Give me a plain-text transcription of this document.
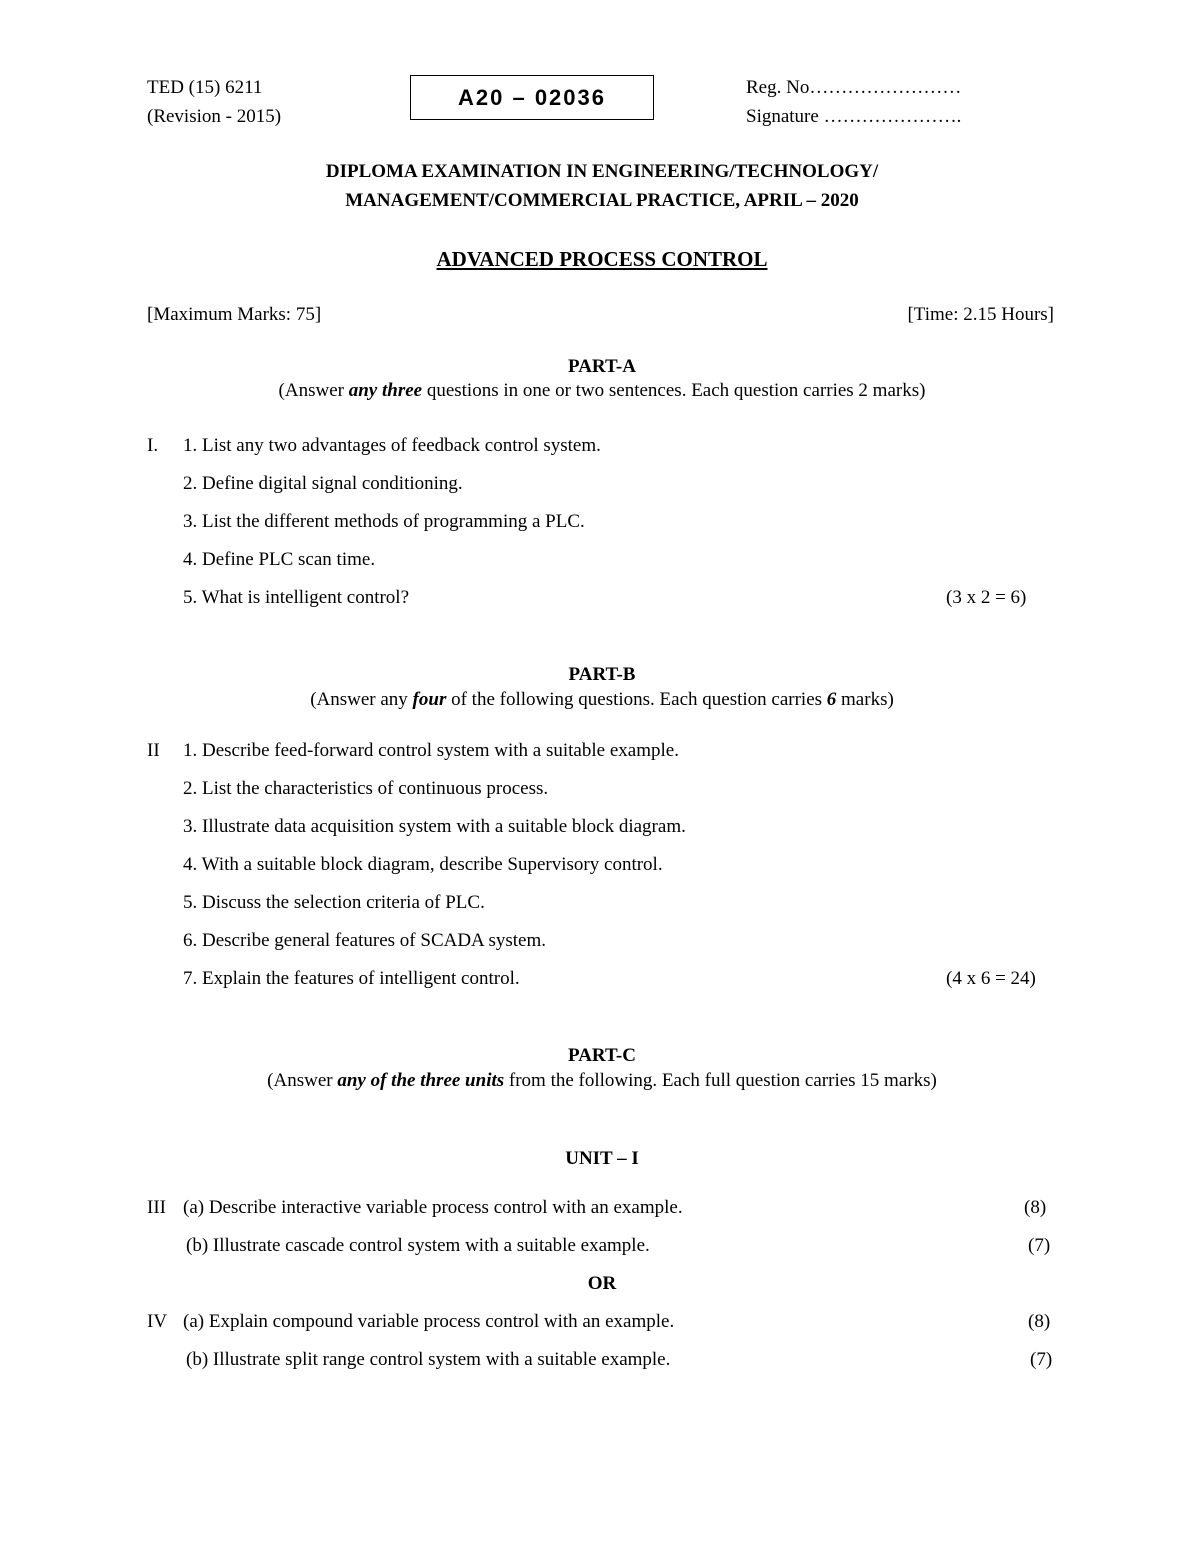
TED (15) 6211
(Revision - 2015)
A20 – 02036	Reg. No……………………
Signature ………………….
DIPLOMA EXAMINATION IN ENGINEERING/TECHNOLOGY/
MANAGEMENT/COMMERCIAL PRACTICE, APRIL – 2020
ADVANCED PROCESS CONTROL
[Maximum Marks: 75]	[Time: 2.15 Hours]
PART-A
(Answer any three questions in one or two sentences. Each question carries 2 marks)
I. 1. List any two advantages of feedback control system.
2. Define digital signal conditioning.
3. List the different methods of programming a PLC.
4. Define PLC scan time.
5. What is intelligent control?	(3 x 2 = 6)
PART-B
(Answer any four of the following questions. Each question carries 6 marks)
II 1. Describe feed-forward control system with a suitable example.
2. List the characteristics of continuous process.
3. Illustrate data acquisition system with a suitable block diagram.
4. With a suitable block diagram, describe Supervisory control.
5. Discuss the selection criteria of PLC.
6. Describe general features of SCADA system.
7. Explain the features of intelligent control.	(4 x 6 = 24)
PART-C
(Answer any of the three units from the following. Each full question carries 15 marks)
UNIT – I
III (a) Describe interactive variable process control with an example.	(8)
(b) Illustrate cascade control system with a suitable example.	(7)
OR
IV (a) Explain compound variable process control with an example.	(8)
(b) Illustrate split range control system with a suitable example.	(7)
